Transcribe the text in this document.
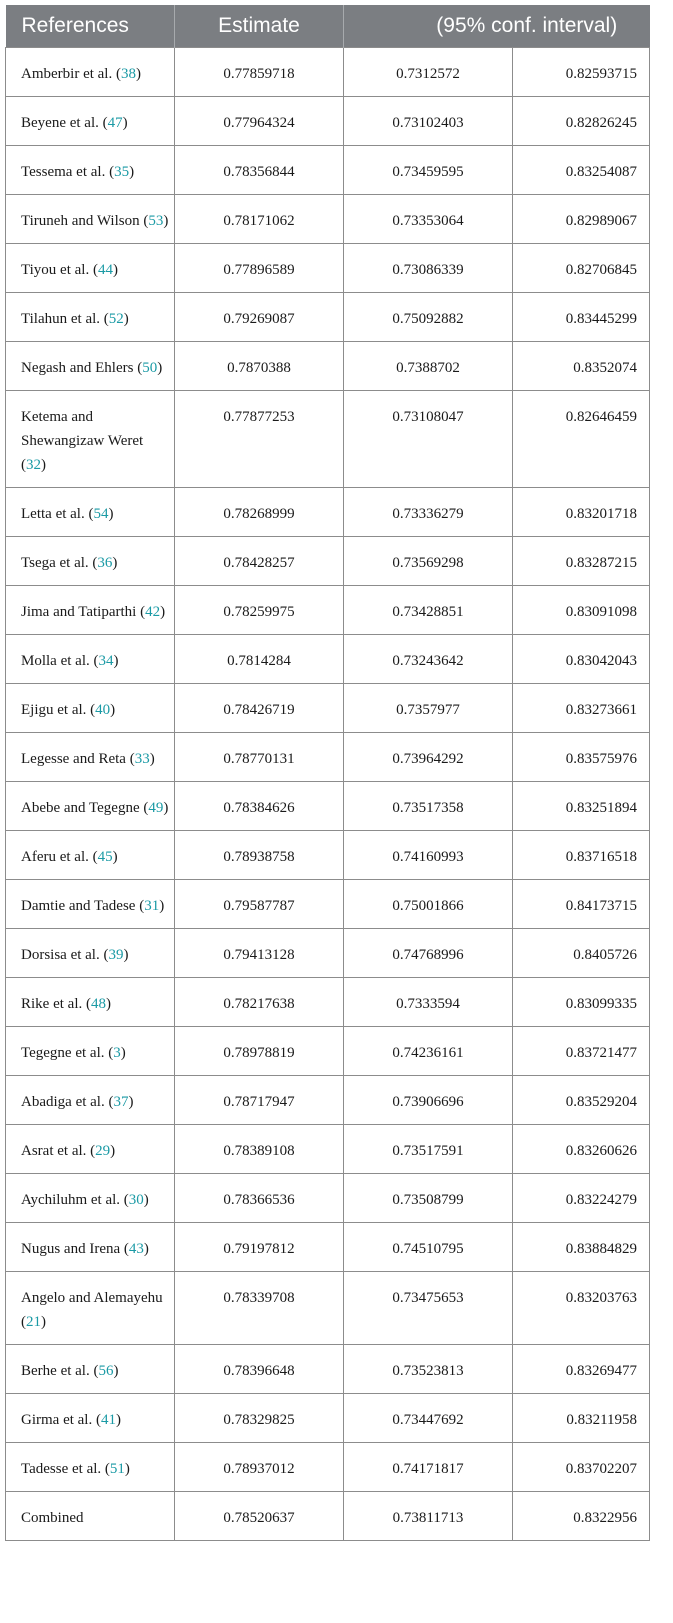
References	Estimate	(95% conf. interval)	
Amberbir et al. (38)	0.77859718	0.7312572	0.82593715
Beyene et al. (47)	0.77964324	0.73102403	0.82826245
Tessema et al. (35)	0.78356844	0.73459595	0.83254087
Tiruneh and Wilson (53)	0.78171062	0.73353064	0.82989067
Tiyou et al. (44)	0.77896589	0.73086339	0.82706845
Tilahun et al. (52)	0.79269087	0.75092882	0.83445299
Negash and Ehlers (50)	0.7870388	0.7388702	0.8352074
Ketema and Shewangizaw Weret (32)	0.77877253	0.73108047	0.82646459
Letta et al. (54)	0.78268999	0.73336279	0.83201718
Tsega et al. (36)	0.78428257	0.73569298	0.83287215
Jima and Tatiparthi (42)	0.78259975	0.73428851	0.83091098
Molla et al. (34)	0.7814284	0.73243642	0.83042043
Ejigu et al. (40)	0.78426719	0.7357977	0.83273661
Legesse and Reta (33)	0.78770131	0.73964292	0.83575976
Abebe and Tegegne (49)	0.78384626	0.73517358	0.83251894
Aferu et al. (45)	0.78938758	0.74160993	0.83716518
Damtie and Tadese (31)	0.79587787	0.75001866	0.84173715
Dorsisa et al. (39)	0.79413128	0.74768996	0.8405726
Rike et al. (48)	0.78217638	0.7333594	0.83099335
Tegegne et al. (3)	0.78978819	0.74236161	0.83721477
Abadiga et al. (37)	0.78717947	0.73906696	0.83529204
Asrat et al. (29)	0.78389108	0.73517591	0.83260626
Aychiluhm et al. (30)	0.78366536	0.73508799	0.83224279
Nugus and Irena (43)	0.79197812	0.74510795	0.83884829
Angelo and Alemayehu (21)	0.78339708	0.73475653	0.83203763
Berhe et al. (56)	0.78396648	0.73523813	0.83269477
Girma et al. (41)	0.78329825	0.73447692	0.83211958
Tadesse et al. (51)	0.78937012	0.74171817	0.83702207
Combined	0.78520637	0.73811713	0.8322956
